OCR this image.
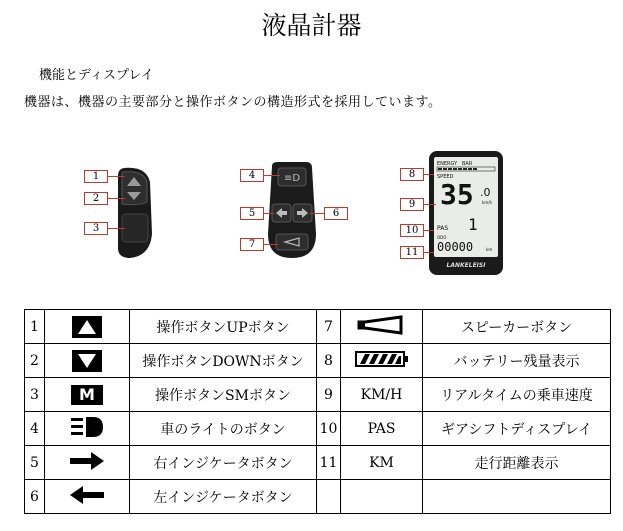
液晶計器
機能とディスプレイ
機器は、機器の主要部分と操作ボタンの構造形式を採用しています。
1
2
3
≡D
4
5	6
7
ENERGY BAR
SPEED
35 .0
km/h
PAS 1
ODO
00000	km
LANKELEISI
8
9
10
11
1		操作ボタンUPボタン	7		スピーカーボタン
2		操作ボタンDOWNボタン	8		バッテリー残量表示
3	M	操作ボタンSMボタン	9	KM/H	リアルタイムの乗車速度
4		車のライトのボタン	10	PAS	ギアシフトディスプレイ
5		右インジケータボタン	11	KM	走行距離表示
6		左インジケータボタン			
